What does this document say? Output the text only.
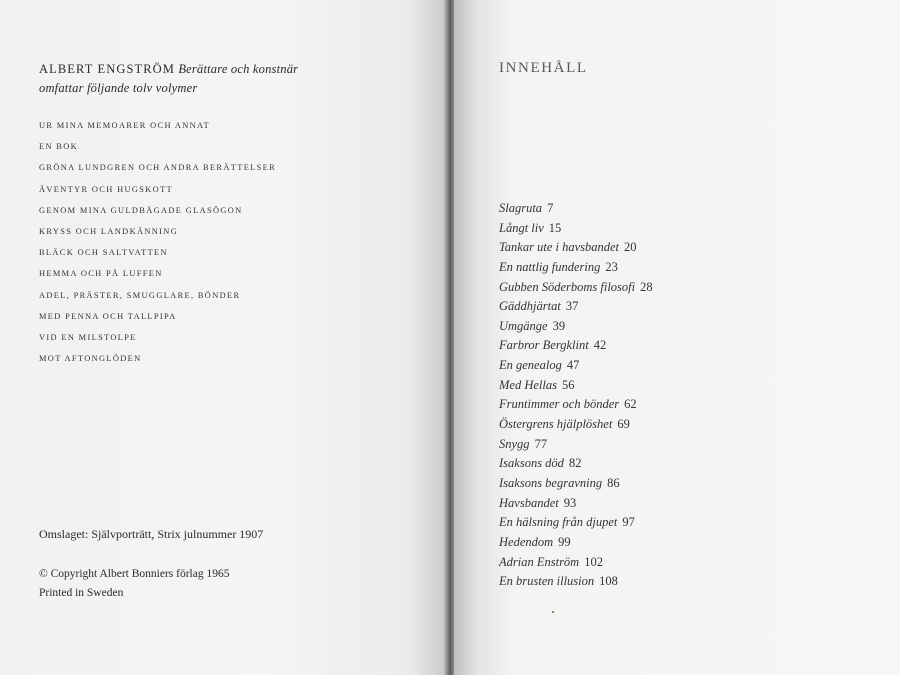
ALBERT ENGSTRÖM Berättare och konstnär
omfattar följande tolv volymer
UR MINA MEMOARER OCH ANNAT
EN BOK
GRÖNA LUNDGREN OCH ANDRA BERÄTTELSER
ÄVENTYR OCH HUGSKOTT
GENOM MINA GULDBÅGADE GLASÖGON
KRYSS OCH LANDKÄNNING
BLÄCK OCH SALTVATTEN
HEMMA OCH PÅ LUFFEN
ADEL, PRÄSTER, SMUGGLARE, BÖNDER
MED PENNA OCH TALLPIPA
VID EN MILSTOLPE
MOT AFTONGLÖDEN
Omslaget: Självporträtt, Strix julnummer 1907
© Copyright Albert Bonniers förlag 1965
Printed in Sweden
INNEHÅLL
Slagruta 7
Långt liv 15
Tankar ute i havsbandet 20
En nattlig fundering 23
Gubben Söderboms filosofi 28
Gäddhjärtat 37
Umgänge 39
Farbror Bergklint 42
En genealog 47
Med Hellas 56
Fruntimmer och bönder 62
Östergrens hjälplöshet 69
Snygg 77
Isaksons död 82
Isaksons begravning 86
Havsbandet 93
En hälsning från djupet 97
Hedendom 99
Adrian Enström 102
En brusten illusion 108
